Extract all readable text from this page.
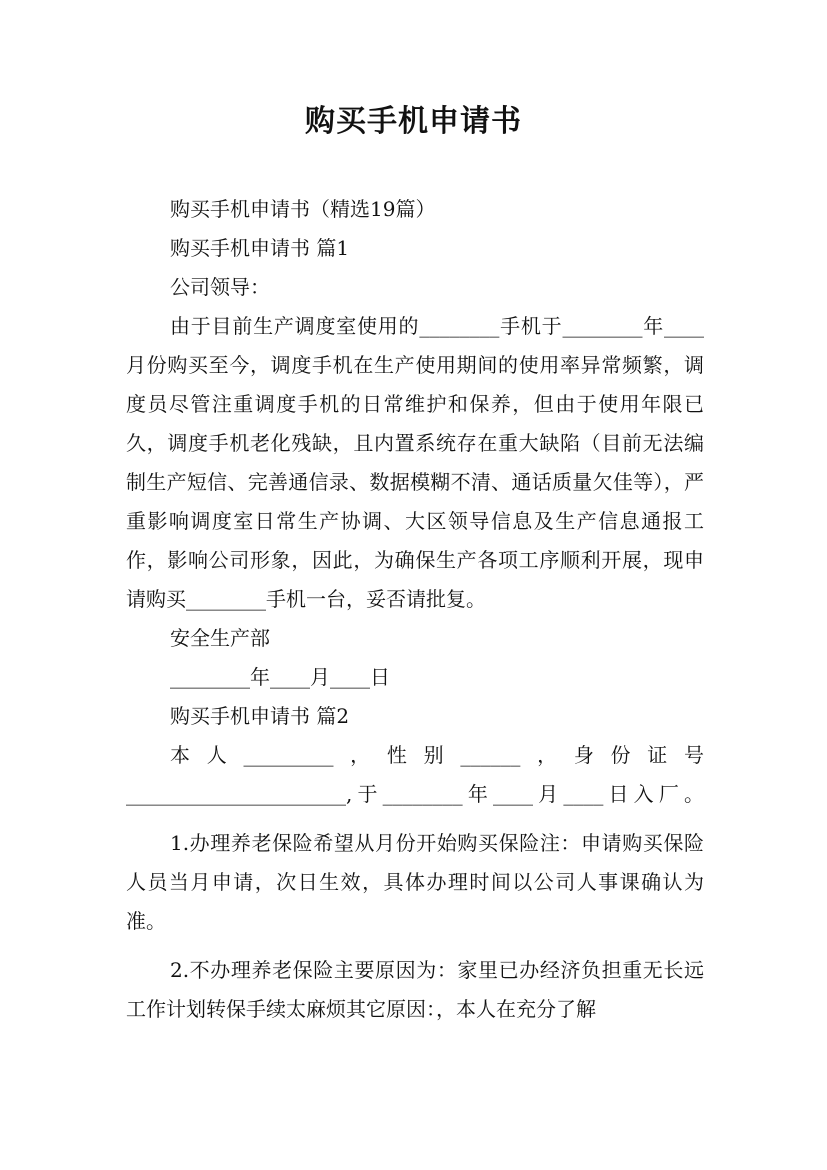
购买手机申请书

购买手机申请书（精选19篇）

购买手机申请书 篇1

公司领导：

由于目前生产调度室使用的________手机于________年____月份购买至今，调度手机在生产使用期间的使用率异常频繁，调度员尽管注重调度手机的日常维护和保养，但由于使用年限已久，调度手机老化残缺，且内置系统存在重大缺陷（目前无法编制生产短信、完善通信录、数据模糊不清、通话质量欠佳等），严重影响调度室日常生产协调、大区领导信息及生产信息通报工作，影响公司形象，因此，为确保生产各项工序顺利开展，现申请购买________手机一台，妥否请批复。

安全生产部

________年____月____日

购买手机申请书 篇2

本人_________，性别______，身份证号______________________,于________年____月____日入厂。

1.办理养老保险希望从月份开始购买保险注：申请购买保险人员当月申请，次日生效，具体办理时间以公司人事课确认为准。

2.不办理养老保险主要原因为：家里已办经济负担重无长远工作计划转保手续太麻烦其它原因：，本人在充分了解
